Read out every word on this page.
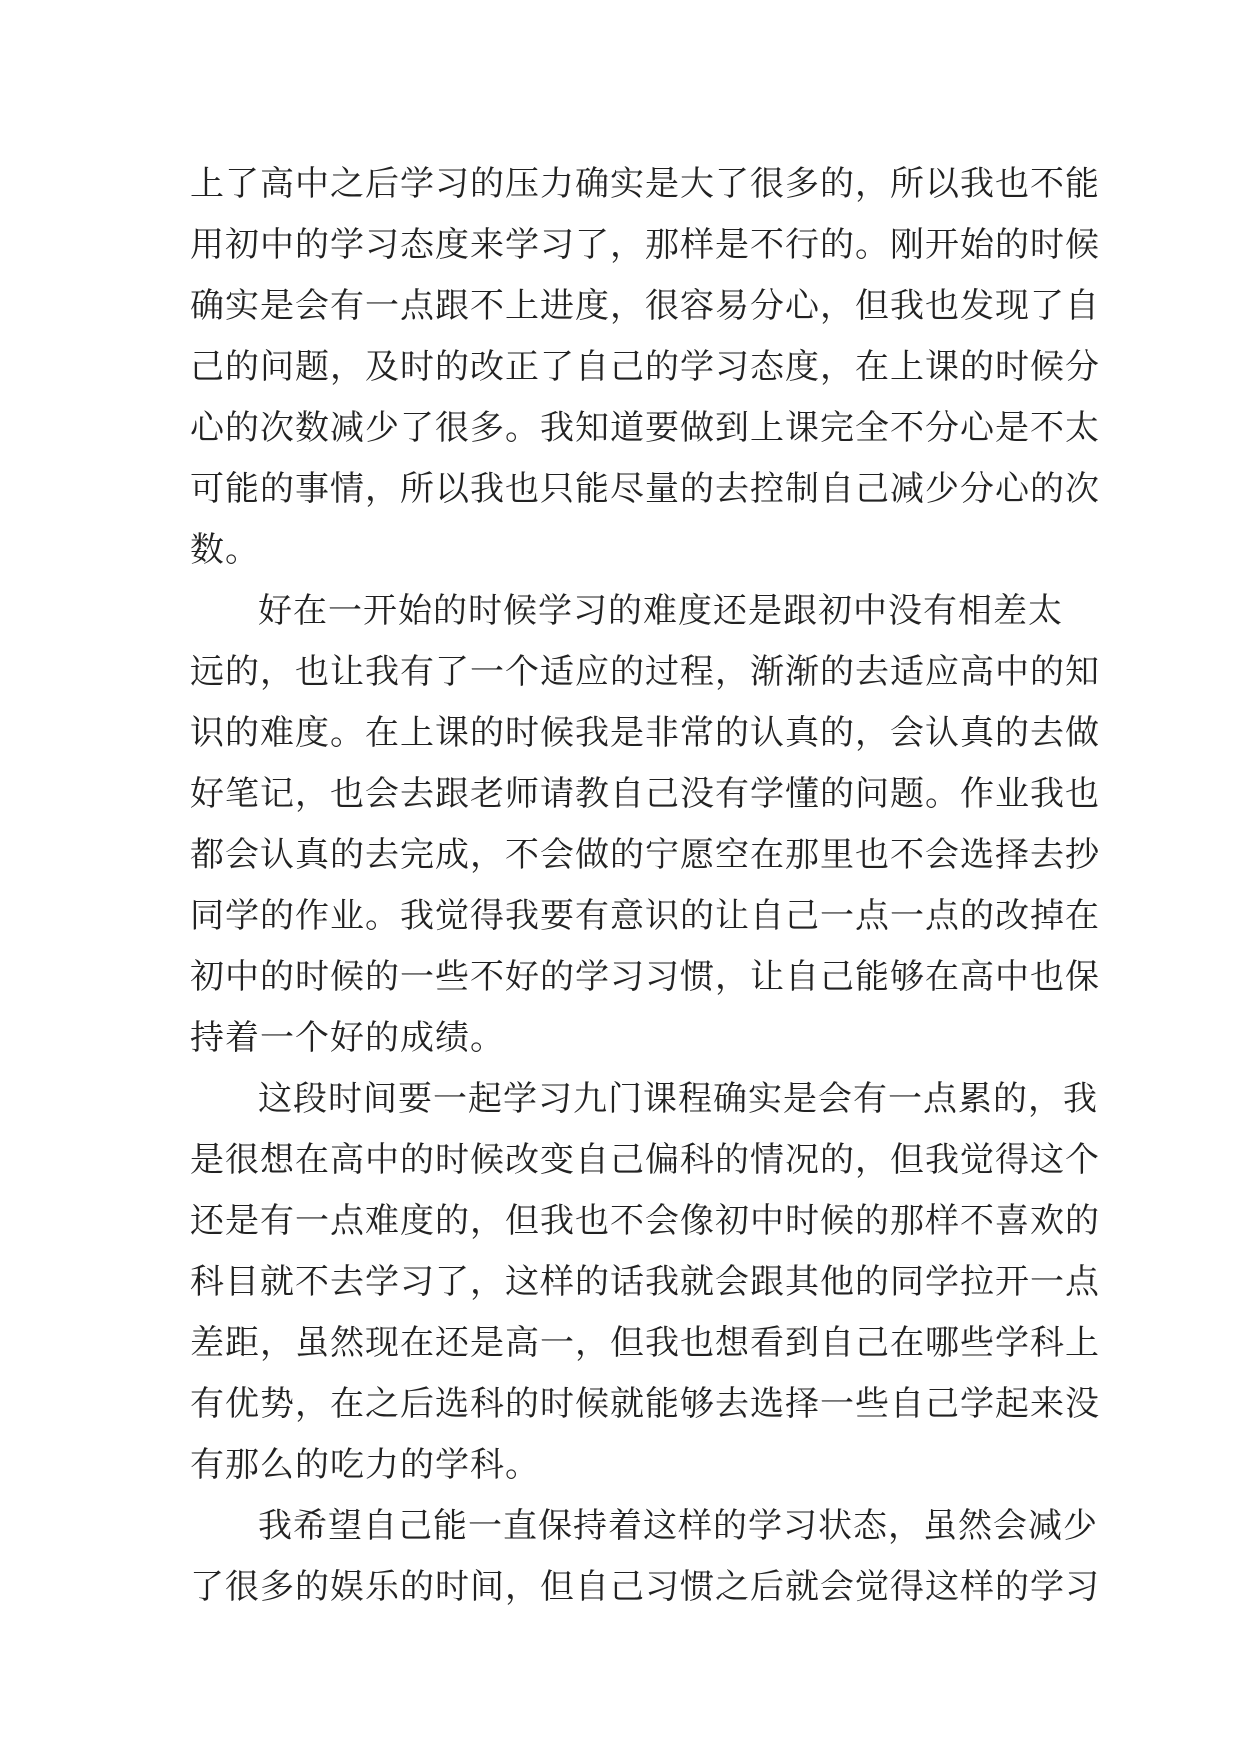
上了高中之后学习的压力确实是大了很多的，所以我也不能
用初中的学习态度来学习了，那样是不行的。刚开始的时候
确实是会有一点跟不上进度，很容易分心，但我也发现了自
己的问题，及时的改正了自己的学习态度，在上课的时候分
心的次数减少了很多。我知道要做到上课完全不分心是不太
可能的事情，所以我也只能尽量的去控制自己减少分心的次
数。
好在一开始的时候学习的难度还是跟初中没有相差太
远的，也让我有了一个适应的过程，渐渐的去适应高中的知
识的难度。在上课的时候我是非常的认真的，会认真的去做
好笔记，也会去跟老师请教自己没有学懂的问题。作业我也
都会认真的去完成，不会做的宁愿空在那里也不会选择去抄
同学的作业。我觉得我要有意识的让自己一点一点的改掉在
初中的时候的一些不好的学习习惯，让自己能够在高中也保
持着一个好的成绩。
这段时间要一起学习九门课程确实是会有一点累的，我
是很想在高中的时候改变自己偏科的情况的，但我觉得这个
还是有一点难度的，但我也不会像初中时候的那样不喜欢的
科目就不去学习了，这样的话我就会跟其他的同学拉开一点
差距，虽然现在还是高一，但我也想看到自己在哪些学科上
有优势，在之后选科的时候就能够去选择一些自己学起来没
有那么的吃力的学科。
我希望自己能一直保持着这样的学习状态，虽然会减少
了很多的娱乐的时间，但自己习惯之后就会觉得这样的学习
